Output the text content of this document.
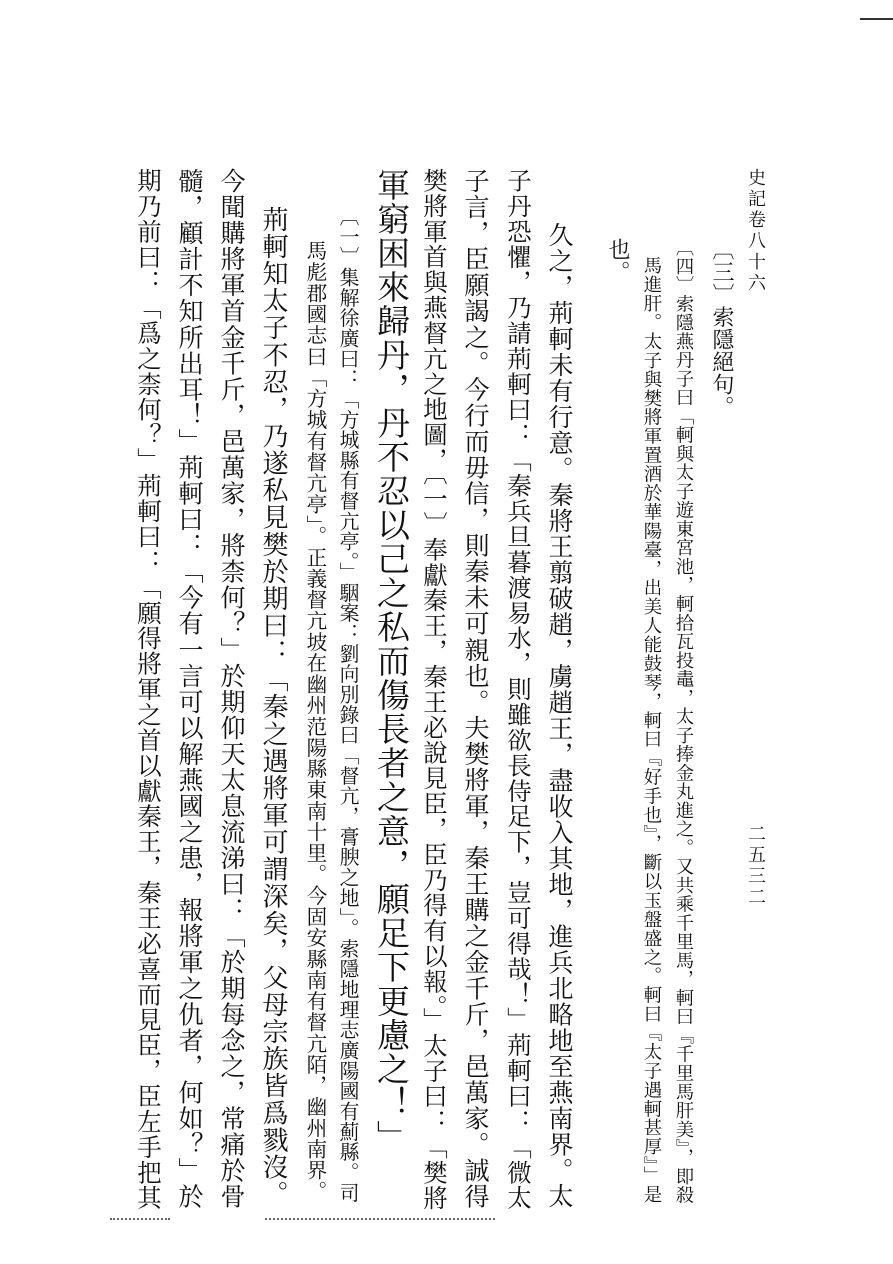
史記卷八十六
二五三二
〔三〕索隱絕句。
〔四〕索隱燕丹子曰「軻與太子遊東宮池，軻拾瓦投鼃，太子捧金丸進之。又共乘千里馬，軻曰『千里馬肝美』，即殺
馬進肝。太子與樊將軍置酒於華陽臺，出美人能鼓琴，軻曰『好手也』，斷以玉盤盛之。軻曰『太子遇軻甚厚』」是
也。
久之，荊軻未有行意。秦將王翦破趙，虜趙王，盡收入其地，進兵北略地至燕南界。太
子丹恐懼，乃請荊軻曰：「秦兵旦暮渡易水，則雖欲長侍足下，豈可得哉！」荊軻曰：「微太
子言，臣願謁之。今行而毋信，則秦未可親也。夫樊將軍，秦王購之金千斤，邑萬家。誠得
樊將軍首與燕督亢之地圖，〔一〕奉獻秦王，秦王必說見臣，臣乃得有以報。」太子曰：「樊將
軍窮困來歸丹，丹不忍以己之私而傷長者之意，願足下更慮之！」
〔一〕集解徐廣曰：「方城縣有督亢亭。」駰案：劉向別錄曰「督亢，膏腴之地」。索隱地理志廣陽國有薊縣。司
馬彪郡國志曰「方城有督亢亭」。正義督亢坡在幽州范陽縣東南十里。今固安縣南有督亢陌，幽州南界。
荊軻知太子不忍，乃遂私見樊於期曰：「秦之遇將軍可謂深矣，父母宗族皆爲戮沒。
今聞購將軍首金千斤，邑萬家，將柰何？」於期仰天太息流涕曰：「於期每念之，常痛於骨
髓，顧計不知所出耳！」荊軻曰：「今有一言可以解燕國之患，報將軍之仇者，何如？」於
期乃前曰：「爲之柰何？」荊軻曰：「願得將軍之首以獻秦王，秦王必喜而見臣，臣左手把其
